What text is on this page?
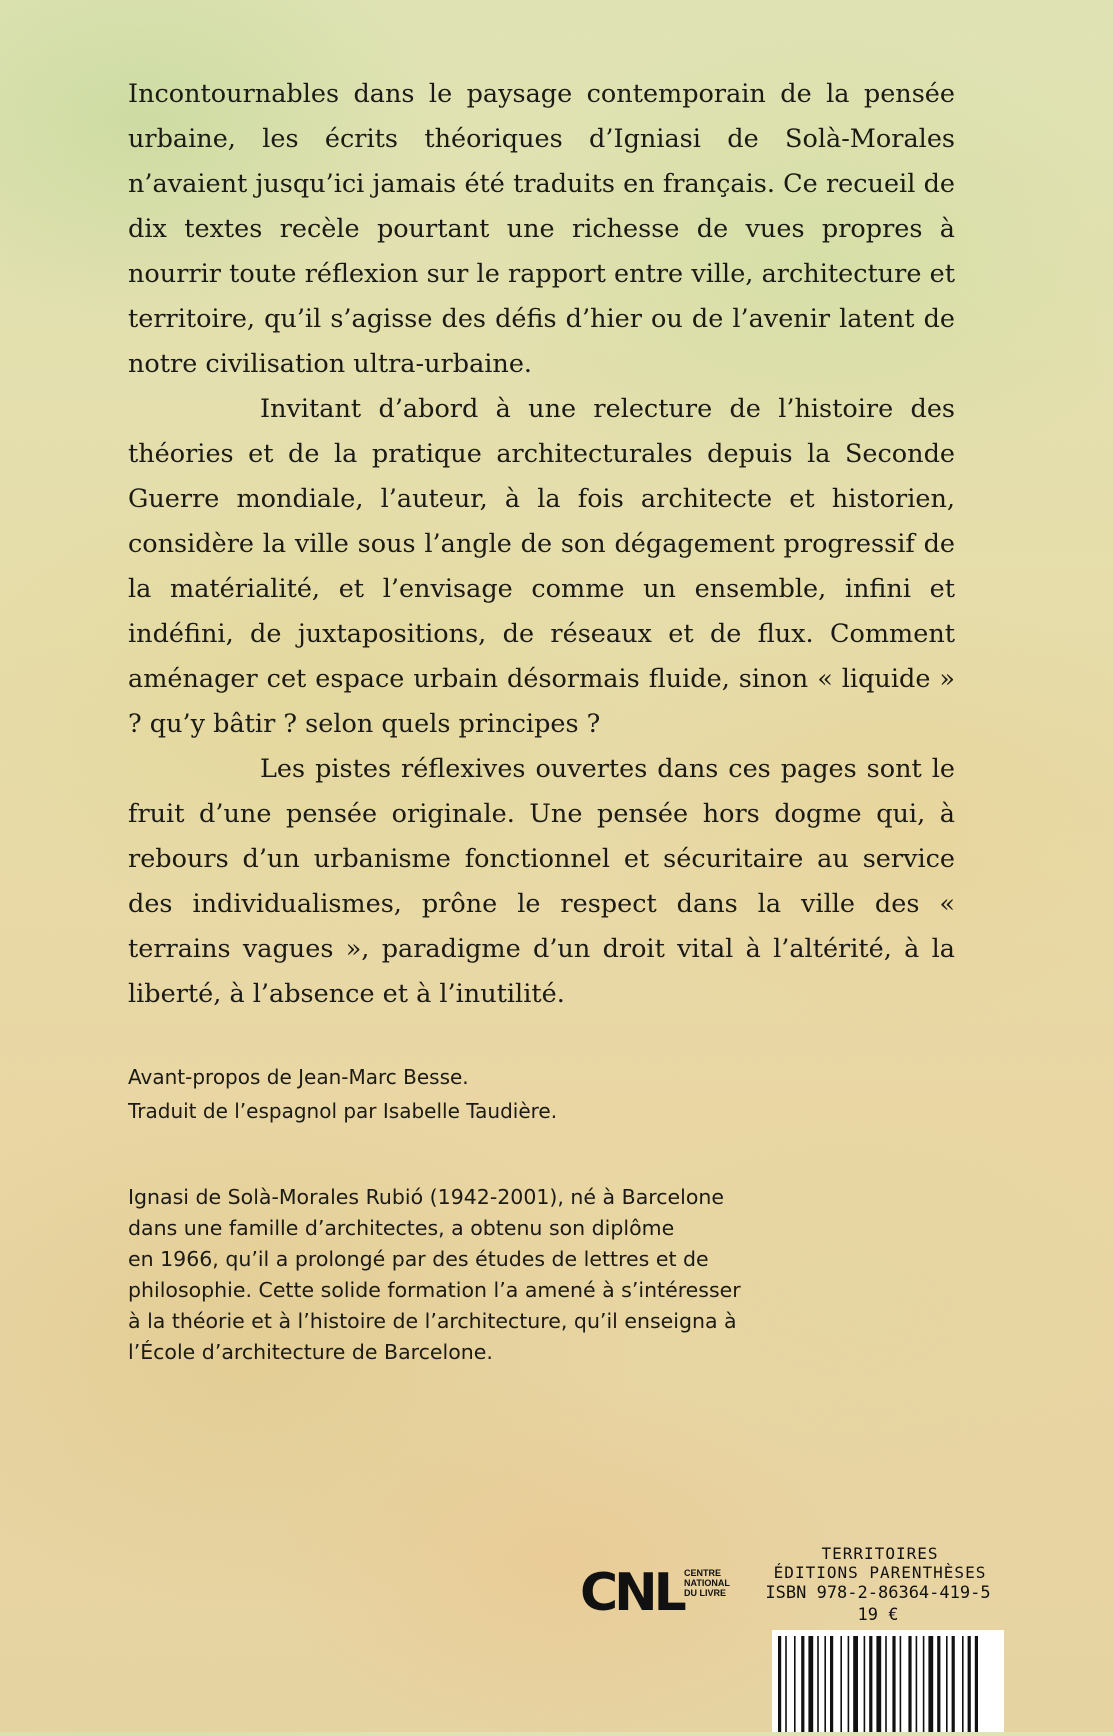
Incontournables dans le paysage contemporain de la pensée urbaine, les écrits théoriques d’Igniasi de Solà-Morales n’avaient jusqu’ici jamais été traduits en français. Ce recueil de dix textes recèle pourtant une richesse de vues propres à nourrir toute réflexion sur le rapport entre ville, architecture et territoire, qu’il s’agisse des défis d’hier ou de l’avenir latent de notre civilisation ultra-urbaine.

Invitant d’abord à une relecture de l’histoire des théories et de la pratique architecturales depuis la Seconde Guerre mondiale, l’auteur, à la fois architecte et historien, considère la ville sous l’angle de son dégagement progressif de la matérialité, et l’envisage comme un ensemble, infini et indéfini, de juxtapositions, de réseaux et de flux. Comment aménager cet espace urbain désormais fluide, sinon « liquide » ? qu’y bâtir ? selon quels principes ?

Les pistes réflexives ouvertes dans ces pages sont le fruit d’une pensée originale. Une pensée hors dogme qui, à rebours d’un urbanisme fonctionnel et sécuritaire au service des individualismes, prône le respect dans la ville des « terrains vagues », paradigme d’un droit vital à l’altérité, à la liberté, à l’absence et à l’inutilité.

Avant-propos de Jean-Marc Besse.
Traduit de l’espagnol par Isabelle Taudière.
Ignasi de Solà-Morales Rubió (1942-2001), né à Barcelone
dans une famille d’architectes, a obtenu son diplôme
en 1966, qu’il a prolongé par des études de lettres et de
philosophie. Cette solide formation l’a amené à s’intéresser
à la théorie et à l’histoire de l’architecture, qu’il enseigna à
l’École d’architecture de Barcelone.
CNL CENTRE
NATIONAL
DU LIVRE
TERRITOIRES
ÉDITIONS PARENTHÈSES
ISBN 978-2-86364-419-5
19 €
